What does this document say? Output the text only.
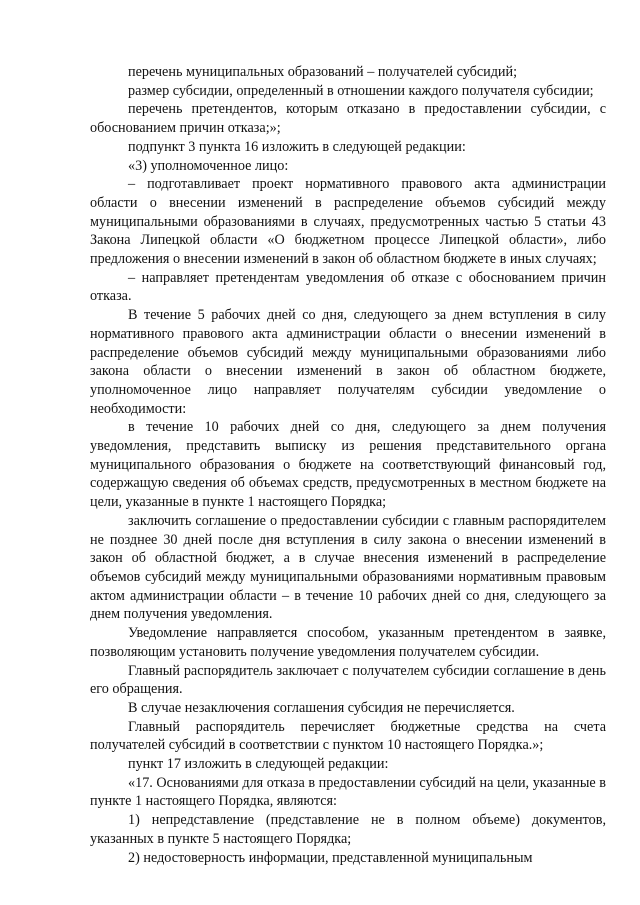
перечень муниципальных образований – получателей субсидий;

размер субсидии, определенный в отношении каждого получателя субсидии;

перечень претендентов, которым отказано в предоставлении субсидии, с обоснованием причин отказа;»;

подпункт 3 пункта 16 изложить в следующей редакции:

«3) уполномоченное лицо:

– подготавливает проект нормативного правового акта администрации области о внесении изменений в распределение объемов субсидий между муниципальными образованиями в случаях, предусмотренных частью 5 статьи 43 Закона Липецкой области «О бюджетном процессе Липецкой области», либо предложения о внесении изменений в закон об областном бюджете в иных случаях;

– направляет претендентам уведомления об отказе с обоснованием причин отказа.

В течение 5 рабочих дней со дня, следующего за днем вступления в силу нормативного правового акта администрации области о внесении изменений в распределение объемов субсидий между муниципальными образованиями либо закона области о внесении изменений в закон об областном бюджете, уполномоченное лицо направляет получателям субсидии уведомление о необходимости:

в течение 10 рабочих дней со дня, следующего за днем получения уведомления, представить выписку из решения представительного органа муниципального образования о бюджете на соответствующий финансовый год, содержащую сведения об объемах средств, предусмотренных в местном бюджете на цели, указанные в пункте 1 настоящего Порядка;

заключить соглашение о предоставлении субсидии с главным распорядителем не позднее 30 дней после дня вступления в силу закона о внесении изменений в закон об областной бюджет, а в случае внесения изменений в распределение объемов субсидий между муниципальными образованиями нормативным правовым актом администрации области – в течение 10 рабочих дней со дня, следующего за днем получения уведомления.

Уведомление направляется способом, указанным претендентом в заявке, позволяющим установить получение уведомления получателем субсидии.

Главный распорядитель заключает с получателем субсидии соглашение в день его обращения.

В случае незаключения соглашения субсидия не перечисляется.

Главный распорядитель перечисляет бюджетные средства на счета получателей субсидий в соответствии с пунктом 10 настоящего Порядка.»;

пункт 17 изложить в следующей редакции:

«17. Основаниями для отказа в предоставлении субсидий на цели, указанные в пункте 1 настоящего Порядка, являются:

1) непредставление (представление не в полном объеме) документов, указанных в пункте 5 настоящего Порядка;

2) недостоверность информации, представленной муниципальным
